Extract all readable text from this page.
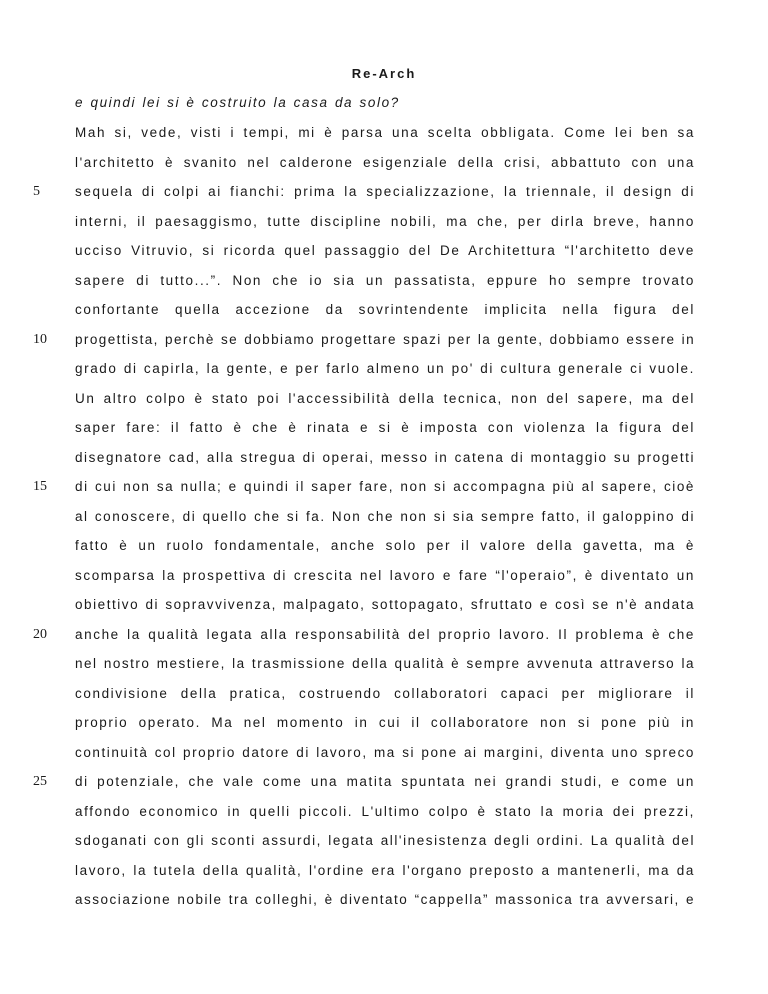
Re-Arch
e quindi lei si è costruito la casa da solo?
Mah si, vede, visti i tempi, mi è parsa una scelta obbligata. Come lei ben sa
l'architetto è svanito nel calderone esigenziale della crisi, abbattuto con una
sequela di colpi ai fianchi: prima la specializzazione, la triennale, il design di
interni, il paesaggismo, tutte discipline nobili, ma che, per dirla breve, hanno
ucciso Vitruvio, si ricorda quel passaggio del De Architettura “l'architetto deve
sapere di tutto...”. Non che io sia un passatista, eppure ho sempre trovato
confortante quella accezione da sovrintendente implicita nella figura del
progettista, perchè se dobbiamo progettare spazi per la gente, dobbiamo essere in
grado di capirla, la gente, e per farlo almeno un po' di cultura generale ci vuole.
Un altro colpo è stato poi l'accessibilità della tecnica, non del sapere, ma del
saper fare: il fatto è che è rinata e si è imposta con violenza la figura del
disegnatore cad, alla stregua di operai, messo in catena di montaggio su progetti
di cui non sa nulla; e quindi il saper fare, non si accompagna più al sapere, cioè
al conoscere, di quello che si fa. Non che non si sia sempre fatto, il galoppino di
fatto è un ruolo fondamentale, anche solo per il valore della gavetta, ma è
scomparsa la prospettiva di crescita nel lavoro e fare “l'operaio”, è diventato un
obiettivo di sopravvivenza, malpagato, sottopagato, sfruttato e così se n'è andata
anche la qualità legata alla responsabilità del proprio lavoro. Il problema è che
nel nostro mestiere, la trasmissione della qualità è sempre avvenuta attraverso la
condivisione della pratica, costruendo collaboratori capaci per migliorare il
proprio operato. Ma nel momento in cui il collaboratore non si pone più in
continuità col proprio datore di lavoro, ma si pone ai margini, diventa uno spreco
di potenziale, che vale come una matita spuntata nei grandi studi, e come un
affondo economico in quelli piccoli. L'ultimo colpo è stato la moria dei prezzi,
sdoganati con gli sconti assurdi, legata all'inesistenza degli ordini. La qualità del
lavoro, la tutela della qualità, l'ordine era l'organo preposto a mantenerli, ma da
associazione nobile tra colleghi, è diventato “cappella” massonica tra avversari, e
5
10
15
20
25
